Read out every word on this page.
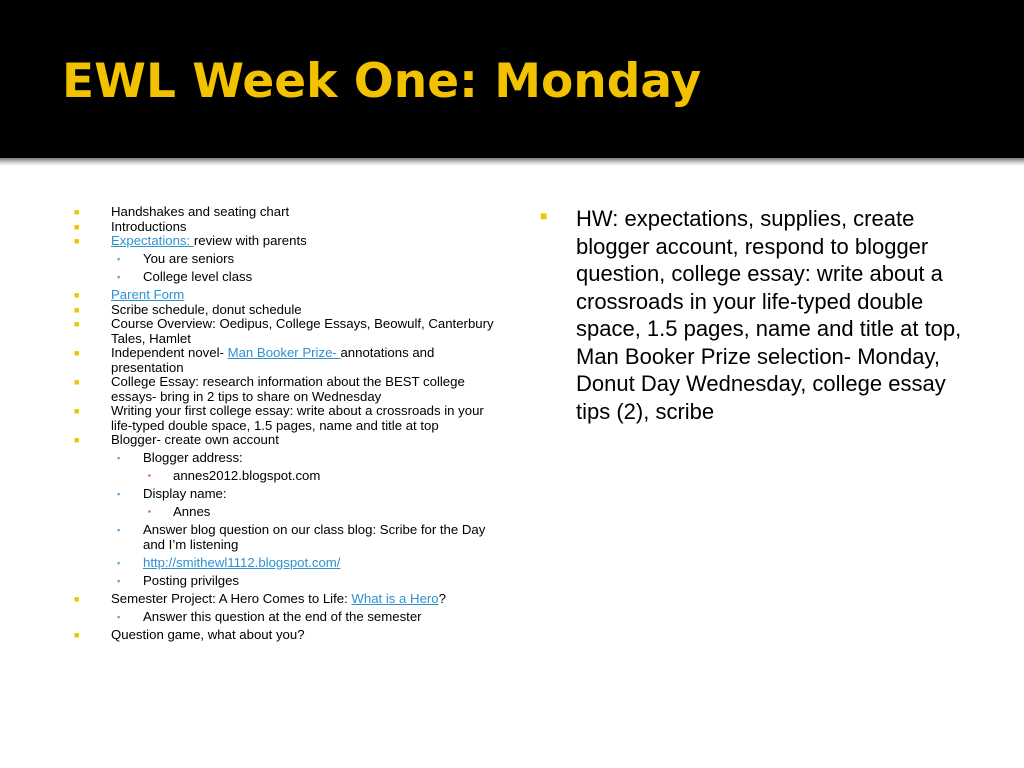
EWL Week One: Monday
■ Handshakes and seating chart
■ Introductions
■ Expectations: review with parents
▪ You are seniors
▪ College level class
■ Parent Form
■ Scribe schedule, donut schedule
■ Course Overview: Oedipus, College Essays, Beowulf, Canterbury Tales, Hamlet
■ Independent novel- Man Booker Prize- annotations and presentation
■ College Essay: research information about the BEST college essays- bring in 2 tips to share on Wednesday
■ Writing your first college essay: write about a crossroads in your life-typed double space, 1.5 pages, name and title at top
■ Blogger- create own account
▪ Blogger address:
▪ annes2012.blogspot.com
▪ Display name:
▪ Annes
▪ Answer blog question on our class blog: Scribe for the Day and I’m listening
▪ http://smithewl1112.blogspot.com/
▪ Posting privilges
■ Semester Project: A Hero Comes to Life: What is a Hero?
▪ Answer this question at the end of the semester
■ Question game, what about you?
■	HW: expectations, supplies, create blogger account, respond to blogger question, college essay: write about a crossroads in your life-typed double space, 1.5 pages, name and title at top, Man Booker Prize selection- Monday, Donut Day Wednesday, college essay tips (2), scribe
